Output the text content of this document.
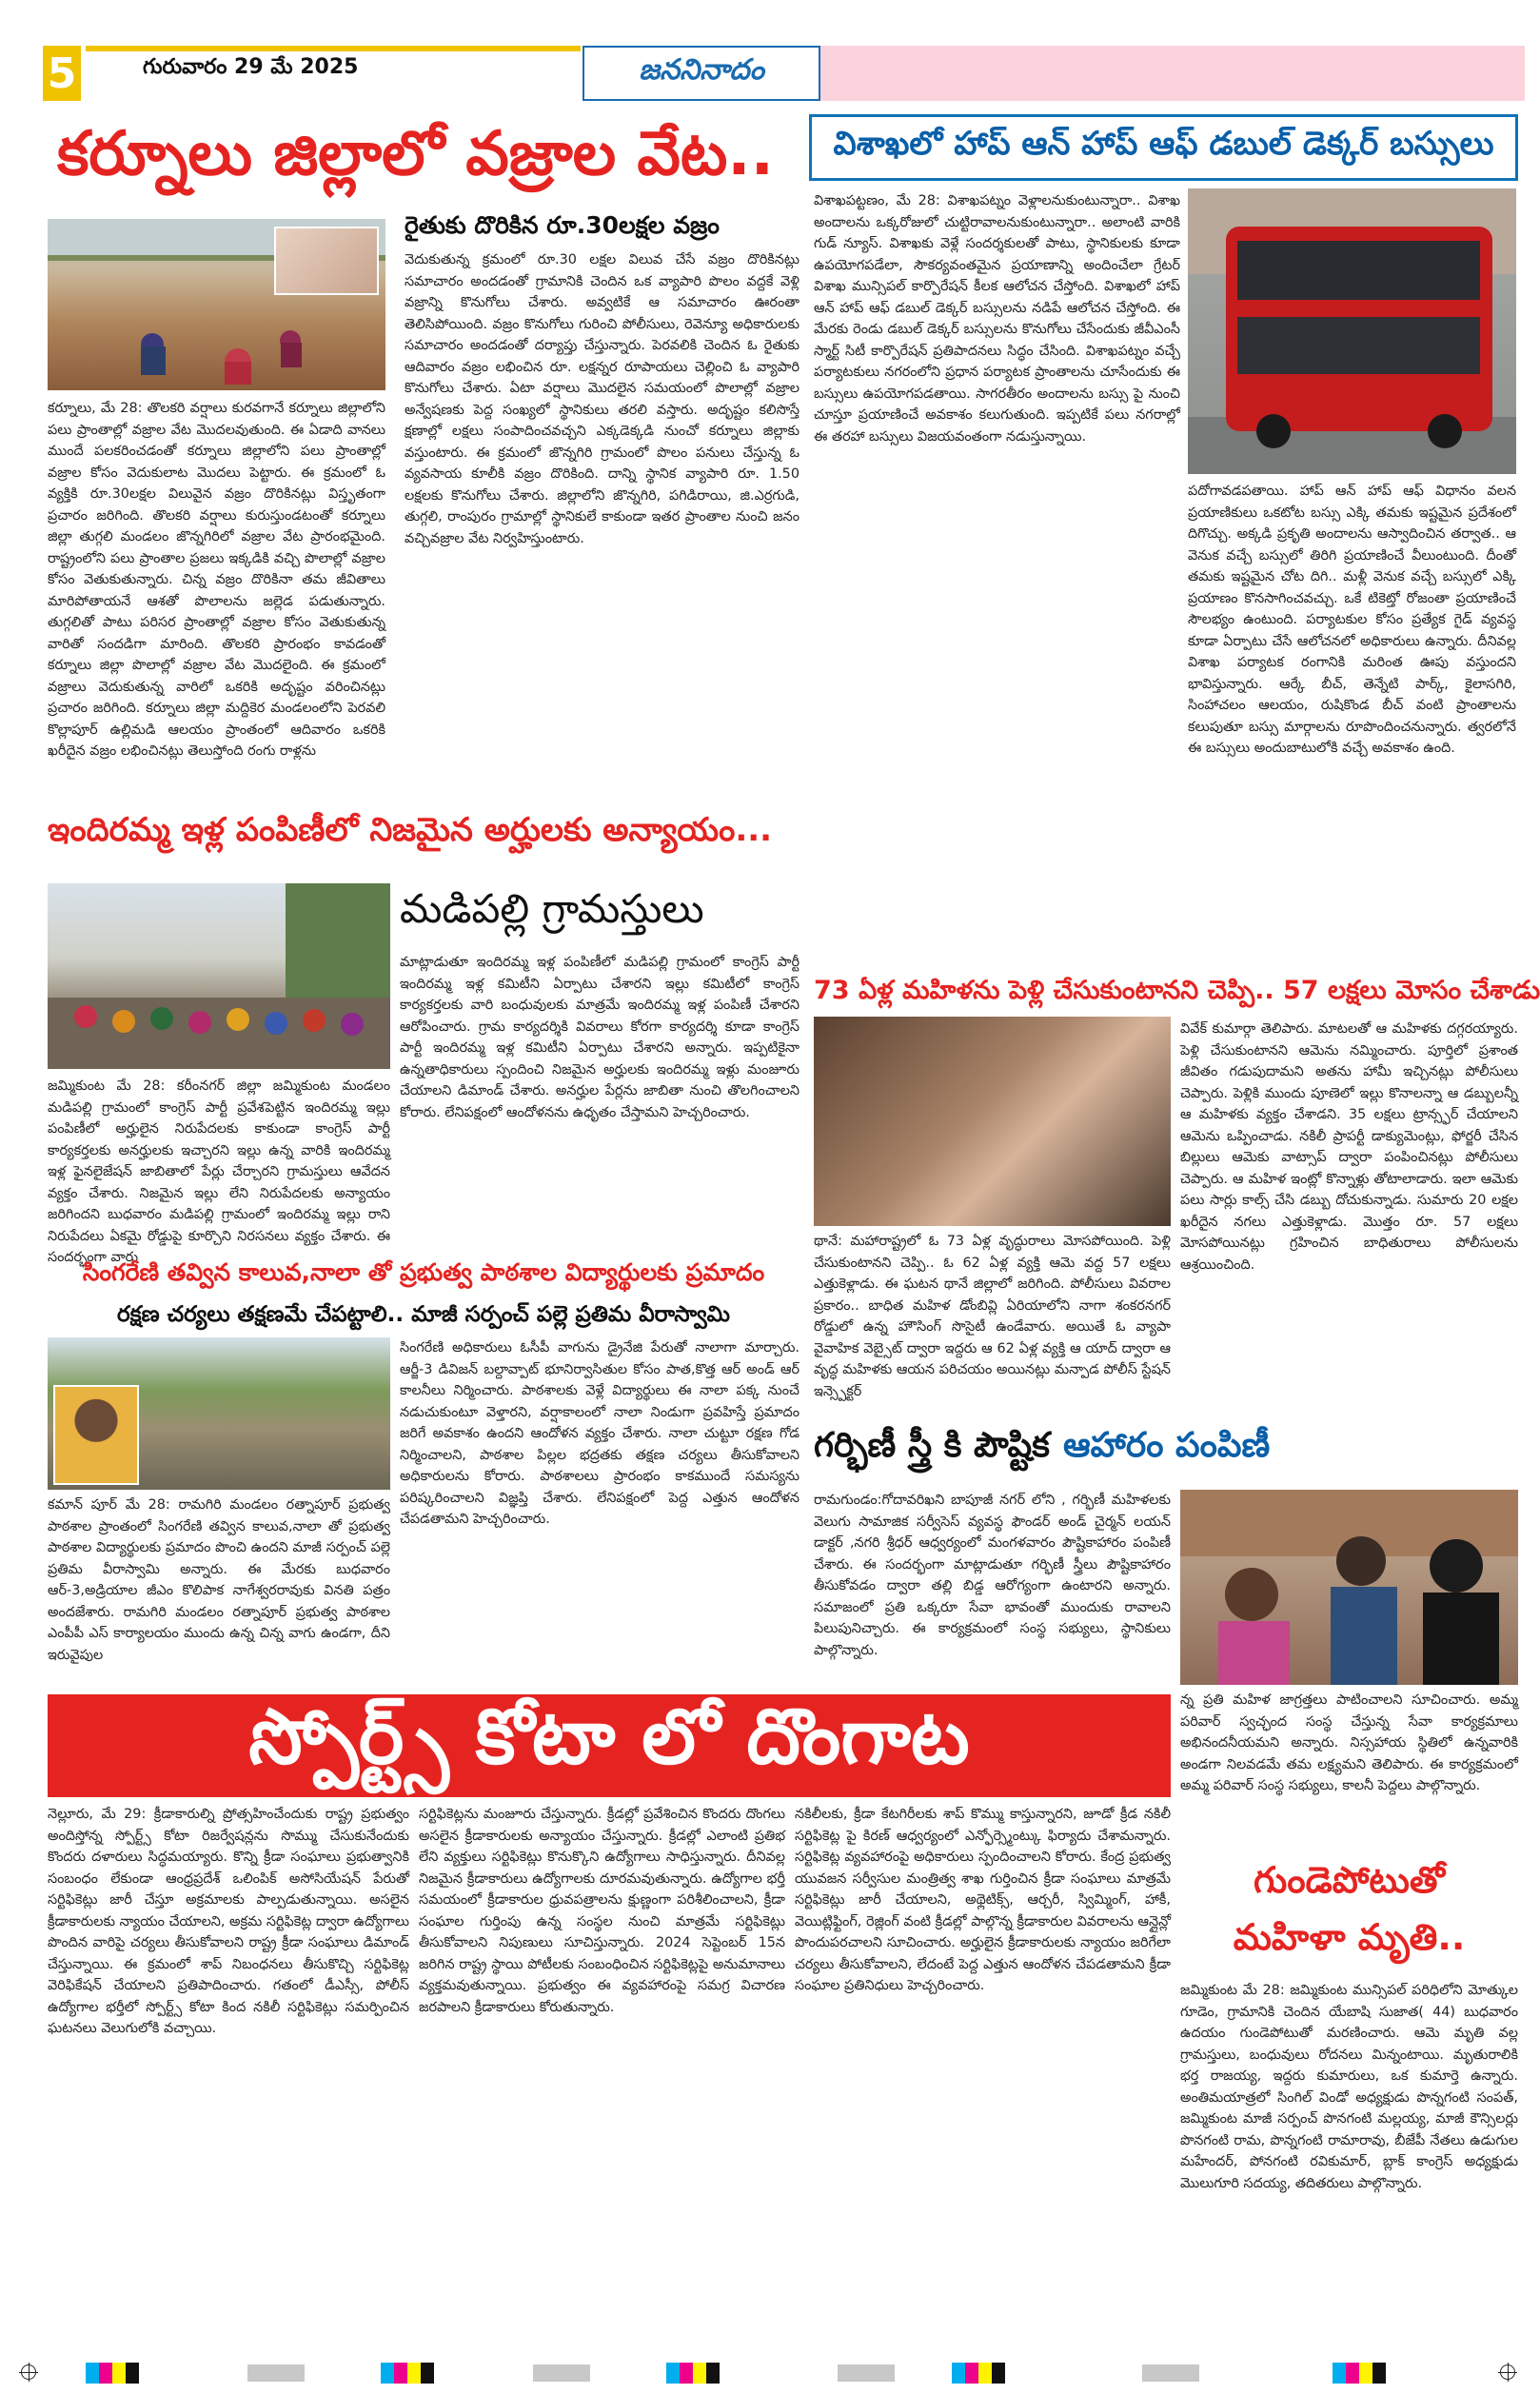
5	గురువారం 29 మే 2025	జననినాదం
కర్నూలు జిల్లాలో వజ్రాల వేట..
రైతుకు దొరికిన రూ.30లక్షల వజ్రం
కర్నూలు, మే 28: తొలకరి వర్షాలు కురవగానే కర్నూలు జిల్లాలోని పలు ప్రాంతాల్లో వజ్రాల వేట మొదలవుతుంది. ఈ ఏడాది వానలు ముందే పలకరించడంతో కర్నూలు జిల్లాలోని పలు ప్రాంతాల్లో వజ్రాల కోసం వెదుకులాట మొదలు పెట్టారు. ఈ క్రమంలో ఓ వ్యక్తికి రూ.30లక్షల విలువైన వజ్రం దొరికినట్లు విస్తృతంగా ప్రచారం జరిగింది. తొలకరి వర్షాలు కురుస్తుండటంతో కర్నూలు జిల్లా తుగ్గలి మండలం జొన్నగిరిలో వజ్రాల వేట ప్రారంభమైంది. రాష్ట్రంలోని పలు ప్రాంతాల ప్రజలు ఇక్కడికి వచ్చి పొలాల్లో వజ్రాల కోసం వెతుకుతున్నారు. చిన్న వజ్రం దొరికినా తమ జీవితాలు మారిపోతాయనే ఆశతో పొలాలను జల్లెడ పడుతున్నారు. తుగ్గలితో పాటు పరిసర ప్రాంతాల్లో వజ్రాల కోసం వెతుకుతున్న వారితో సందడిగా మారింది. తొలకరి ప్రారంభం కావడంతో కర్నూలు జిల్లా పొలాల్లో వజ్రాల వేట మొదలైంది. ఈ క్రమంలో వజ్రాలు వెదుకుతున్న వారిలో ఒకరికి అదృష్టం వరించినట్లు ప్రచారం జరిగింది. కర్నూలు జిల్లా మద్దికెర మండలంలోని పెరవలి కొల్లాపూర్ ఉల్లిమడి ఆలయం ప్రాంతంలో ఆదివారం ఒకరికి ఖరీదైన వజ్రం లభించినట్లు తెలుస్తోంది రంగు రాళ్లను
వెదుకుతున్న క్రమంలో రూ.30 లక్షల విలువ చేసే వజ్రం దొరికినట్లు సమాచారం అందడంతో గ్రామానికి చెందిన ఒక వ్యాపారి పొలం వద్దకే వెళ్లి వజ్రాన్ని కొనుగోలు చేశారు. అవ్వటికే ఆ సమాచారం ఊరంతా తెలిసిపోయింది. వజ్రం కొనుగోలు గురించి పోలీసులు, రెవెన్యూ అధికారులకు సమాచారం అందడంతో దర్యాప్తు చేస్తున్నారు. పెరవలికి చెందిన ఓ రైతుకు ఆదివారం వజ్రం లభించిన రూ. లక్షన్నర రూపాయలు చెల్లించి ఓ వ్యాపారి కొనుగోలు చేశారు. ఏటా వర్షాలు మొదలైన సమయంలో పొలాల్లో వజ్రాల అన్వేషణకు పెద్ద సంఖ్యలో స్థానికులు తరలి వస్తారు. అదృష్టం కలిసొస్తే క్షణాల్లో లక్షలు సంపాదించవచ్చని ఎక్కడెక్కడి నుంచో కర్నూలు జిల్లాకు వస్తుంటారు. ఈ క్రమంలో జొన్నగిరి గ్రామంలో పొలం పనులు చేస్తున్న ఓ వ్యవసాయ కూలీకి వజ్రం దొరికింది. దాన్ని స్థానిక వ్యాపారి రూ. 1.50 లక్షలకు కొనుగోలు చేశారు. జిల్లాలోని జొన్నగిరి, పగిడిరాయి, జి.ఎర్రగుడి, తుగ్గలి, రాంపురం గ్రామాల్లో స్థానికులే కాకుండా ఇతర ప్రాంతాల నుంచి జనం వచ్చివజ్రాల వేట నిర్వహిస్తుంటారు.
విశాఖలో హాప్ ఆన్ హాప్ ఆఫ్ డబుల్ డెక్కర్ బస్సులు
విశాఖపట్టణం, మే 28: విశాఖపట్నం వెళ్లాలనుకుంటున్నారా.. విశాఖ అందాలను ఒక్కరోజులో చుట్టిరావాలనుకుంటున్నారా.. అలాంటి వారికి గుడ్ న్యూస్. విశాఖకు వెళ్లే సందర్శకులతో పాటు, స్థానికులకు కూడా ఉపయోగపడేలా, సౌకర్యవంతమైన ప్రయాణాన్ని అందించేలా గ్రేటర్ విశాఖ మున్సిపల్ కార్పొరేషన్ కీలక ఆలోచన చేస్తోంది. విశాఖలో హాప్ ఆన్ హాప్ ఆఫ్ డబుల్ డెక్కర్ బస్సులను నడిపే ఆలోచన చేస్తోంది. ఈ మేరకు రెండు డబుల్ డెక్కర్ బస్సులను కొనుగోలు చేసేందుకు జీవీఎంసీ స్మార్ట్ సిటీ కార్పొరేషన్ ప్రతిపాదనలు సిద్ధం చేసింది. విశాఖపట్నం వచ్చే పర్యాటకులు నగరంలోని ప్రధాన పర్యాటక ప్రాంతాలను చూసేందుకు ఈ బస్సులు ఉపయోగపడతాయి. సాగరతీరం అందాలను బస్సు పై నుంచి చూస్తూ ప్రయాణించే అవకాశం కలుగుతుంది. ఇప్పటికే పలు నగరాల్లో ఈ తరహా బస్సులు విజయవంతంగా నడుస్తున్నాయి.
పదోగావడపతాయి. హాప్ ఆన్ హాప్ ఆఫ్ విధానం వలన ప్రయాణికులు ఒకటోట బస్సు ఎక్కి తమకు ఇష్టమైన ప్రదేశంలో దిగొచ్చు. అక్కడి ప్రకృతి అందాలను ఆస్వాదించిన తర్వాత.. ఆ వెనుక వచ్చే బస్సులో తిరిగి ప్రయాణించే వీలుంటుంది. దీంతో తమకు ఇష్టమైన చోట దిగి.. మళ్లీ వెనుక వచ్చే బస్సులో ఎక్కి ప్రయాణం కొనసాగించవచ్చు. ఒకే టికెట్తో రోజంతా ప్రయాణించే సౌలభ్యం ఉంటుంది. పర్యాటకుల కోసం ప్రత్యేక గైడ్ వ్యవస్థ కూడా ఏర్పాటు చేసే ఆలోచనలో అధికారులు ఉన్నారు. దీనివల్ల విశాఖ పర్యాటక రంగానికి మరింత ఊపు వస్తుందని భావిస్తున్నారు. ఆర్కే బీచ్, తెన్నేటి పార్క్, కైలాసగిరి, సింహాచలం ఆలయం, రుషికొండ బీచ్ వంటి ప్రాంతాలను కలుపుతూ బస్సు మార్గాలను రూపొందించనున్నారు. త్వరలోనే ఈ బస్సులు అందుబాటులోకి వచ్చే అవకాశం ఉంది.
ఇందిరమ్మ ఇళ్ల పంపిణీలో నిజమైన అర్హులకు అన్యాయం...
మడిపల్లి గ్రామస్తులు
జమ్మికుంట మే 28: కరీంనగర్ జిల్లా జమ్మికుంట మండలం మడిపల్లి గ్రామంలో కాంగ్రెస్ పార్టీ ప్రవేశపెట్టిన ఇందిరమ్మ ఇల్లు పంపిణీలో అర్హులైన నిరుపేదలకు కాకుండా కాంగ్రెస్ పార్టీ కార్యకర్తలకు అనర్హులకు ఇచ్చారని ఇల్లు ఉన్న వారికి ఇందిరమ్మ ఇళ్ల ఫైనలైజేషన్ జాబితాలో పేర్లు చేర్చారని గ్రామస్తులు ఆవేదన వ్యక్తం చేశారు. నిజమైన ఇల్లు లేని నిరుపేదలకు అన్యాయం జరిగిందని బుధవారం మడిపల్లి గ్రామంలో ఇందిరమ్మ ఇల్లు రాని నిరుపేదలు ఏకమై రోడ్డుపై కూర్చొని నిరసనలు వ్యక్తం చేశారు. ఈ సందర్భంగా వారు
మాట్లాడుతూ ఇందిరమ్మ ఇళ్ల పంపిణీలో మడిపల్లి గ్రామంలో కాంగ్రెస్ పార్టీ ఇందిరమ్మ ఇళ్ల కమిటీని ఏర్పాటు చేశారని ఇల్లు కమిటీలో కాంగ్రెస్ కార్యకర్తలకు వారి బంధువులకు మాత్రమే ఇందిరమ్మ ఇళ్ల పంపిణీ చేశారని ఆరోపించారు. గ్రామ కార్యదర్శికి వివరాలు కోరగా కార్యదర్శి కూడా కాంగ్రెస్ పార్టీ ఇందిరమ్మ ఇళ్ల కమిటీని ఏర్పాటు చేశారని అన్నారు. ఇప్పటికైనా ఉన్నతాధికారులు స్పందించి నిజమైన అర్హులకు ఇందిరమ్మ ఇళ్లు మంజూరు చేయాలని డిమాండ్ చేశారు. అనర్హుల పేర్లను జాబితా నుంచి తొలగించాలని కోరారు. లేనిపక్షంలో ఆందోళనను ఉధృతం చేస్తామని హెచ్చరించారు.
73 ఏళ్ల మహిళను పెళ్లి చేసుకుంటానని చెప్పి.. 57 లక్షలు మోసం చేశాడు
వివేక్ కుమార్గా తెలిపారు. మాటలతో ఆ మహిళకు దగ్గరయ్యారు. పెళ్లి చేసుకుంటానని ఆమెను నమ్మించారు. పూర్తిలో ప్రశాంత జీవితం గడుపుదామని అతను హామీ ఇచ్చినట్లు పోలీసులు చెప్పారు. పెళ్లికి ముందు పూణెలో ఇల్లు కొనాలన్నా ఆ డబ్బులన్నీ ఆ మహిళకు వ్యక్తం చేశాడని. 35 లక్షలు ట్రాన్స్ఫర్ చేయాలని ఆమెను ఒప్పించాడు. నకిలీ ప్రాపర్టీ డాక్యుమెంట్లు, ఫోర్జరీ చేసిన బిల్లులు ఆమెకు వాట్సాప్ ద్వారా పంపించినట్లు పోలీసులు చెప్పారు. ఆ మహిళ ఇంట్లో కొన్నాళ్లు తోటాలాడారు. ఇలా ఆమెకు పలు సార్లు కాల్స్ చేసి డబ్బు దోచుకున్నాడు. సుమారు 20 లక్షల ఖరీదైన నగలు ఎత్తుకెళ్లాడు. మొత్తం రూ. 57 లక్షలు మోసపోయినట్లు గ్రహించిన బాధితురాలు పోలీసులను ఆశ్రయించింది.
థానే: మహారాష్ట్రలో ఓ 73 ఏళ్ల వృద్ధురాలు మోసపోయింది. పెళ్లి చేసుకుంటానని చెప్పి.. ఓ 62 ఏళ్ల వ్యక్తి ఆమె వద్ద 57 లక్షలు ఎత్తుకెళ్లాడు. ఈ ఘటన థానే జిల్లాలో జరిగింది. పోలీసులు వివరాల ప్రకారం.. బాధిత మహిళ డోంబివ్లి ఏరియాలోని నాగా శంకరనగర్ రోడ్డులో ఉన్న హౌసింగ్ సొసైటీ ఉండేవారు. అయితే ఓ వ్యాపా వైవాహిక వెబ్సైట్ ద్వారా ఇద్దరు ఆ 62 ఏళ్ల వ్యక్తి ఆ యాద్ ద్వారా ఆ వృద్ధ మహిళకు ఆయన పరిచయం అయినట్లు మన్పాడ పోలీస్ స్టేషన్ ఇన్స్పెక్టర్
సింగరేణి తవ్విన కాలువ,నాలా తో ప్రభుత్వ పాఠశాల విద్యార్థులకు ప్రమాదం
రక్షణ చర్యలు తక్షణమే చేపట్టాలి.. మాజీ సర్పంచ్ పల్లె ప్రతిమ వీరాస్వామి
కమాన్ పూర్ మే 28: రామగిరి మండలం రత్నాపూర్ ప్రభుత్వ పాఠశాల ప్రాంతంలో సింగరేణి తవ్విన కాలువ,నాలా తో ప్రభుత్వ పాఠశాల విద్యార్థులకు ప్రమాదం పొంచి ఉందని మాజీ సర్పంచ్ పల్లె ప్రతిమ వీరాస్వామి అన్నారు. ఈ మేరకు బుధవారం ఆర్-3,అడ్రియాల జీఎం కొలిపాక నాగేశ్వరరావుకు వినతి పత్రం అందజేశారు. రామగిరి మండలం రత్నాపూర్ ప్రభుత్వ పాఠశాల ఎంపీపీ ఎస్ కార్యాలయం ముందు ఉన్న చిన్న వాగు ఉండగా, దీని ఇరువైపుల
సింగరేణి అధికారులు ఓసీపీ వాగును డ్రైనేజి పేరుతో నాలాగా మార్చారు. ఆర్జీ-3 డివిజన్ బల్దావ్పాట్ భూనిర్వాసితుల కోసం పాత,కొత్త ఆర్ అండ్ ఆర్ కాలనీలు నిర్మించారు. పాఠశాలకు వెళ్లే విద్యార్థులు ఈ నాలా పక్క నుంచే నడుచుకుంటూ వెళ్తారని, వర్షాకాలంలో నాలా నిండుగా ప్రవహిస్తే ప్రమాదం జరిగే అవకాశం ఉందని ఆందోళన వ్యక్తం చేశారు. నాలా చుట్టూ రక్షణ గోడ నిర్మించాలని, పాఠశాల పిల్లల భద్రతకు తక్షణ చర్యలు తీసుకోవాలని అధికారులను కోరారు. పాఠశాలలు ప్రారంభం కాకముందే సమస్యను పరిష్కరించాలని విజ్ఞప్తి చేశారు. లేనిపక్షంలో పెద్ద ఎత్తున ఆందోళన చేపడతామని హెచ్చరించారు.
గర్భిణీ స్త్రీ కి పౌష్టిక ఆహారం పంపిణీ
రామగుండం:గోదావరిఖని బాపూజీ నగర్ లోని , గర్భిణీ మహిళలకు వెలుగు సామాజిక సర్వీసెస్ వ్యవస్థ ఫౌండర్ అండ్ చైర్మన్ లయన్ డాక్టర్ ,నగరి శ్రీధర్ ఆధ్వర్యంలో మంగళవారం పౌష్టికాహారం పంపిణీ చేశారు. ఈ సందర్భంగా మాట్లాడుతూ గర్భిణీ స్త్రీలు పౌష్టికాహారం తీసుకోవడం ద్వారా తల్లి బిడ్డ ఆరోగ్యంగా ఉంటారని అన్నారు. సమాజంలో ప్రతి ఒక్కరూ సేవా భావంతో ముందుకు రావాలని పిలుపునిచ్చారు. ఈ కార్యక్రమంలో సంస్థ సభ్యులు, స్థానికులు పాల్గొన్నారు.
న్న ప్రతి మహిళ జాగ్రత్తలు పాటించాలని సూచించారు. అమ్మ పరివార్ స్వచ్ఛంద సంస్థ చేస్తున్న సేవా కార్యక్రమాలు అభినందనీయమని అన్నారు. నిస్సహాయ స్థితిలో ఉన్నవారికి అండగా నిలవడమే తమ లక్ష్యమని తెలిపారు. ఈ కార్యక్రమంలో అమ్మ పరివార్ సంస్థ సభ్యులు, కాలనీ పెద్దలు పాల్గొన్నారు.
స్పోర్ట్స్ కోటా లో దొంగాట
నెల్లూరు, మే 29: క్రీడాకారుల్ని ప్రోత్సహించేందుకు రాష్ట్ర ప్రభుత్వం అందిస్తోన్న స్పోర్ట్స్ కోటా రిజర్వేషన్లను సొమ్ము చేసుకునేందుకు కొందరు దళారులు సిద్ధమయ్యారు. కొన్ని క్రీడా సంఘాలు ప్రభుత్వానికి సంబంధం లేకుండా ఆంధ్రప్రదేశ్ ఒలింపిక్ అసోసియేషన్ పేరుతో సర్టిఫికెట్లు జారీ చేస్తూ అక్రమాలకు పాల్పడుతున్నాయి. అసలైన క్రీడాకారులకు న్యాయం చేయాలని, అక్రమ సర్టిఫికెట్ల ద్వారా ఉద్యోగాలు పొందిన వారిపై చర్యలు తీసుకోవాలని రాష్ట్ర క్రీడా సంఘాలు డిమాండ్ చేస్తున్నాయి. ఈ క్రమంలో శాప్ నిబంధనలు తీసుకొచ్చి సర్టిఫికెట్ల వెరిఫికేషన్ చేయాలని ప్రతిపాదించారు. గతంలో డీఎస్సీ, పోలీస్ ఉద్యోగాల భర్తీలో స్పోర్ట్స్ కోటా కింద నకిలీ సర్టిఫికెట్లు సమర్పించిన ఘటనలు వెలుగులోకి వచ్చాయి.
సర్టిఫికెట్లను మంజూరు చేస్తున్నారు. క్రీడల్లో ప్రవేశించిన కొందరు దొంగలు అసలైన క్రీడాకారులకు అన్యాయం చేస్తున్నారు. క్రీడల్లో ఎలాంటి ప్రతిభ లేని వ్యక్తులు సర్టిఫికెట్లు కొనుక్కొని ఉద్యోగాలు సాధిస్తున్నారు. దీనివల్ల నిజమైన క్రీడాకారులు ఉద్యోగాలకు దూరమవుతున్నారు. ఉద్యోగాల భర్తీ సమయంలో క్రీడాకారుల ధ్రువపత్రాలను క్షుణ్ణంగా పరిశీలించాలని, క్రీడా సంఘాల గుర్తింపు ఉన్న సంస్థల నుంచి మాత్రమే సర్టిఫికెట్లు తీసుకోవాలని నిపుణులు సూచిస్తున్నారు. 2024 సెప్టెంబర్ 15న జరిగిన రాష్ట్ర స్థాయి పోటీలకు సంబంధించిన సర్టిఫికెట్లపై అనుమానాలు వ్యక్తమవుతున్నాయి. ప్రభుత్వం ఈ వ్యవహారంపై సమగ్ర విచారణ జరపాలని క్రీడాకారులు కోరుతున్నారు.
నకిలీలకు, క్రీడా కేటగిరీలకు శాప్ కొమ్ము కాస్తున్నారని, జూడో క్రీడ నకిలీ సర్టిఫికెట్ల పై కిరణ్ ఆధ్వర్యంలో ఎన్ఫోర్స్మెంట్కు ఫిర్యాదు చేశామన్నారు. సర్టిఫికెట్ల వ్యవహారంపై అధికారులు స్పందించాలని కోరారు. కేంద్ర ప్రభుత్వ యువజన సర్వీసుల మంత్రిత్వ శాఖ గుర్తించిన క్రీడా సంఘాలు మాత్రమే సర్టిఫికెట్లు జారీ చేయాలని, అథ్లెటిక్స్, ఆర్చరీ, స్విమ్మింగ్, హాకీ, వెయిట్లిఫ్టింగ్, రెజ్లింగ్ వంటి క్రీడల్లో పాల్గొన్న క్రీడాకారుల వివరాలను ఆన్లైన్లో పొందుపరచాలని సూచించారు. అర్హులైన క్రీడాకారులకు న్యాయం జరిగేలా చర్యలు తీసుకోవాలని, లేదంటే పెద్ద ఎత్తున ఆందోళన చేపడతామని క్రీడా సంఘాల ప్రతినిధులు హెచ్చరించారు.
గుండెపోటుతో
మహిళా మృతి..
జమ్మికుంట మే 28: జమ్మికుంట మున్సిపల్ పరిధిలోని మోత్కుల గూడెం, గ్రామానికి చెందిన యేబాషి సుజాత( 44) బుధవారం ఉదయం గుండెపోటుతో మరణించారు. ఆమె మృతి వల్ల గ్రామస్తులు, బంధువులు రోదనలు మిన్నంటాయి. మృతురాలికి భర్త రాజయ్య, ఇద్దరు కుమారులు, ఒక కుమార్తె ఉన్నారు. అంతిమయాత్రలో సింగిల్ విండో అధ్యక్షుడు పొన్నగంటి సంపత్, జమ్మికుంట మాజీ సర్పంచ్ పొనగంటి మల్లయ్య, మాజీ కౌన్సిలర్లు పొనగంటి రామ, పొన్నగంటి రామారావు, బీజేపీ నేతలు ఉడుగుల మహేందర్, పోనగంటి రవికుమార్, బ్లాక్ కాంగ్రెస్ అధ్యక్షుడు మొలుగూరి సదయ్య, తదితరులు పాల్గొన్నారు.
